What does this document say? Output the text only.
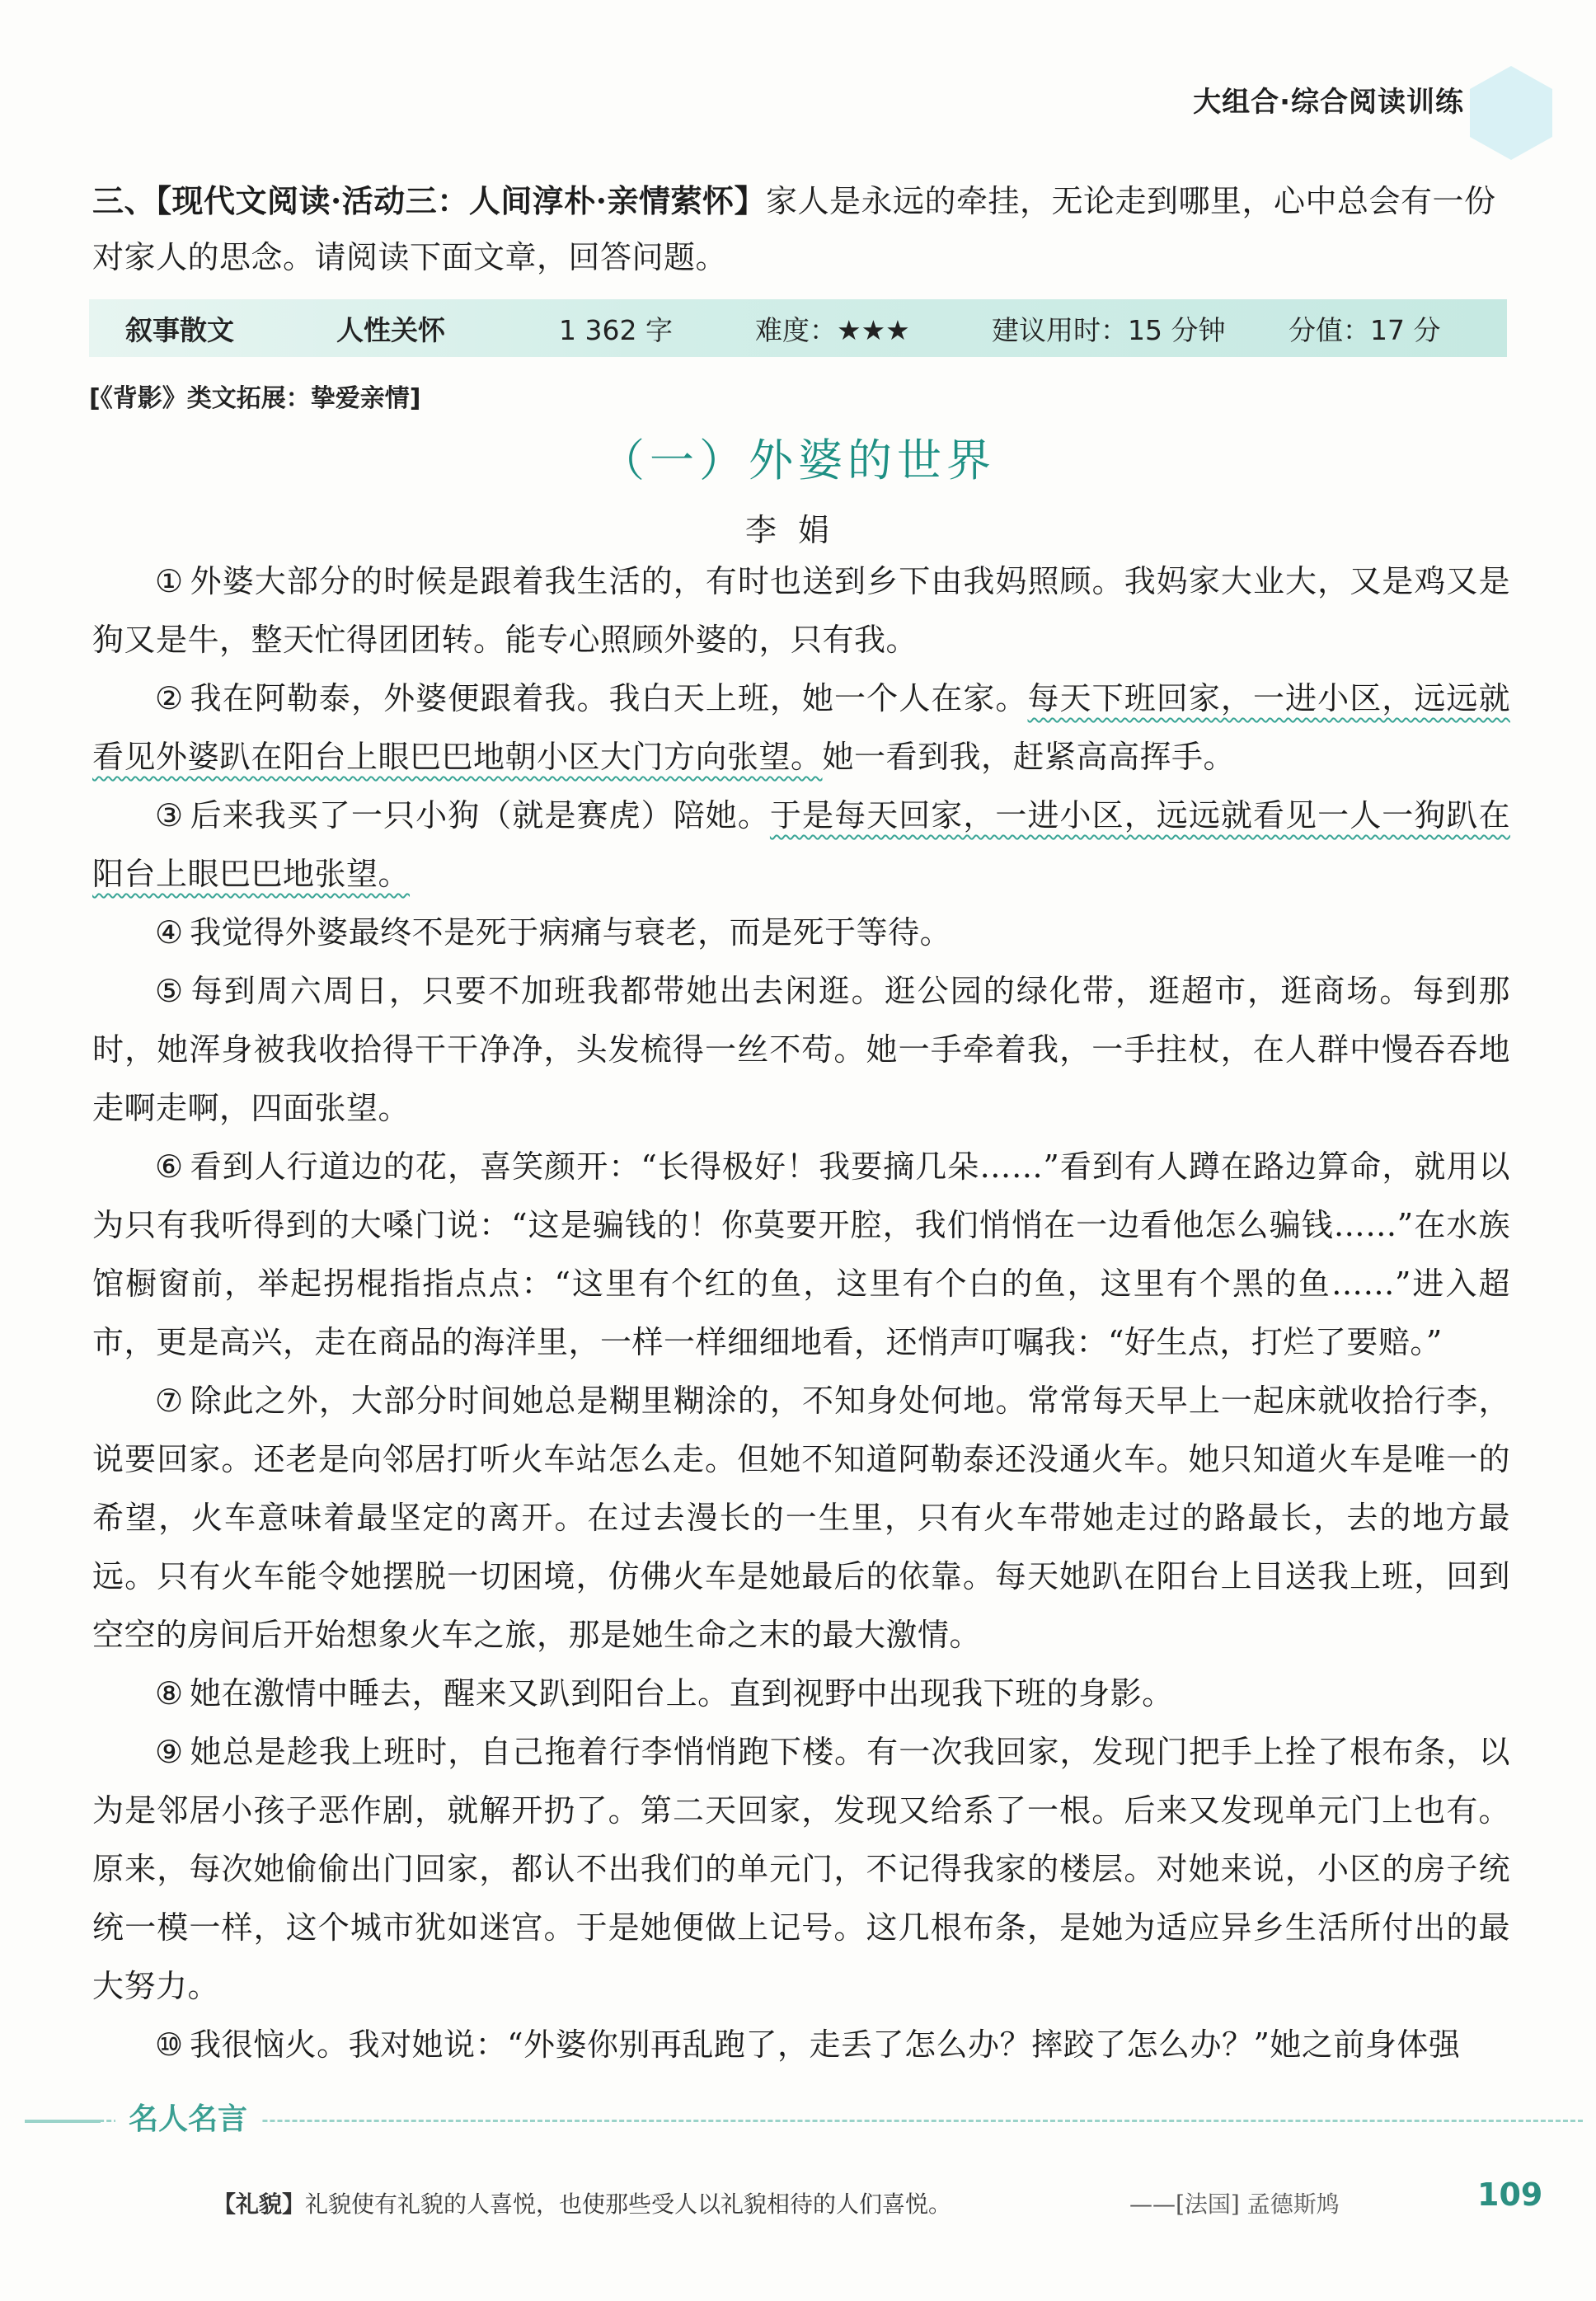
大组合·综合阅读训练
三、【现代文阅读·活动三：人间淳朴·亲情萦怀】家人是永远的牵挂，无论走到哪里，心中总会有一份对家人的思念。请阅读下面文章，回答问题。
叙事散文	人性关怀	1 362 字	难度：★★★	建议用时：15 分钟 分值：17 分
[《背影》类文拓展：挚爱亲情]
（一）外婆的世界
李娟

① 外婆大部分的时候是跟着我生活的，有时也送到乡下由我妈照顾。我妈家大业大，又是鸡又是狗又是牛，整天忙得团团转。能专心照顾外婆的，只有我。

② 我在阿勒泰，外婆便跟着我。我白天上班，她一个人在家。每天下班回家，一进小区，远远就看见外婆趴在阳台上眼巴巴地朝小区大门方向张望。她一看到我，赶紧高高挥手。

③ 后来我买了一只小狗（就是赛虎）陪她。于是每天回家，一进小区，远远就看见一人一狗趴在阳台上眼巴巴地张望。

④ 我觉得外婆最终不是死于病痛与衰老，而是死于等待。

⑤ 每到周六周日，只要不加班我都带她出去闲逛。逛公园的绿化带，逛超市，逛商场。每到那时，她浑身被我收拾得干干净净，头发梳得一丝不苟。她一手牵着我，一手拄杖，在人群中慢吞吞地走啊走啊，四面张望。

⑥ 看到人行道边的花，喜笑颜开：“长得极好！我要摘几朵……”看到有人蹲在路边算命，就用以为只有我听得到的大嗓门说：“这是骗钱的！你莫要开腔，我们悄悄在一边看他怎么骗钱……”在水族馆橱窗前，举起拐棍指指点点：“这里有个红的鱼，这里有个白的鱼，这里有个黑的鱼……”进入超市，更是高兴，走在商品的海洋里，一样一样细细地看，还悄声叮嘱我：“好生点，打烂了要赔。”

⑦ 除此之外，大部分时间她总是糊里糊涂的，不知身处何地。常常每天早上一起床就收拾行李，说要回家。还老是向邻居打听火车站怎么走。但她不知道阿勒泰还没通火车。她只知道火车是唯一的希望，火车意味着最坚定的离开。在过去漫长的一生里，只有火车带她走过的路最长，去的地方最远。只有火车能令她摆脱一切困境，仿佛火车是她最后的依靠。每天她趴在阳台上目送我上班，回到空空的房间后开始想象火车之旅，那是她生命之末的最大激情。

⑧ 她在激情中睡去，醒来又趴到阳台上。直到视野中出现我下班的身影。

⑨ 她总是趁我上班时，自己拖着行李悄悄跑下楼。有一次我回家，发现门把手上拴了根布条，以为是邻居小孩子恶作剧，就解开扔了。第二天回家，发现又给系了一根。后来又发现单元门上也有。原来，每次她偷偷出门回家，都认不出我们的单元门，不记得我家的楼层。对她来说，小区的房子统统一模一样，这个城市犹如迷宫。于是她便做上记号。这几根布条，是她为适应异乡生活所付出的最大努力。

⑩ 我很恼火。我对她说：“外婆你别再乱跑了，走丢了怎么办？摔跤了怎么办？”她之前身体强

名人名言
【礼貌】礼貌使有礼貌的人喜悦，也使那些受人以礼貌相待的人们喜悦。	——[法国] 孟德斯鸠	109
